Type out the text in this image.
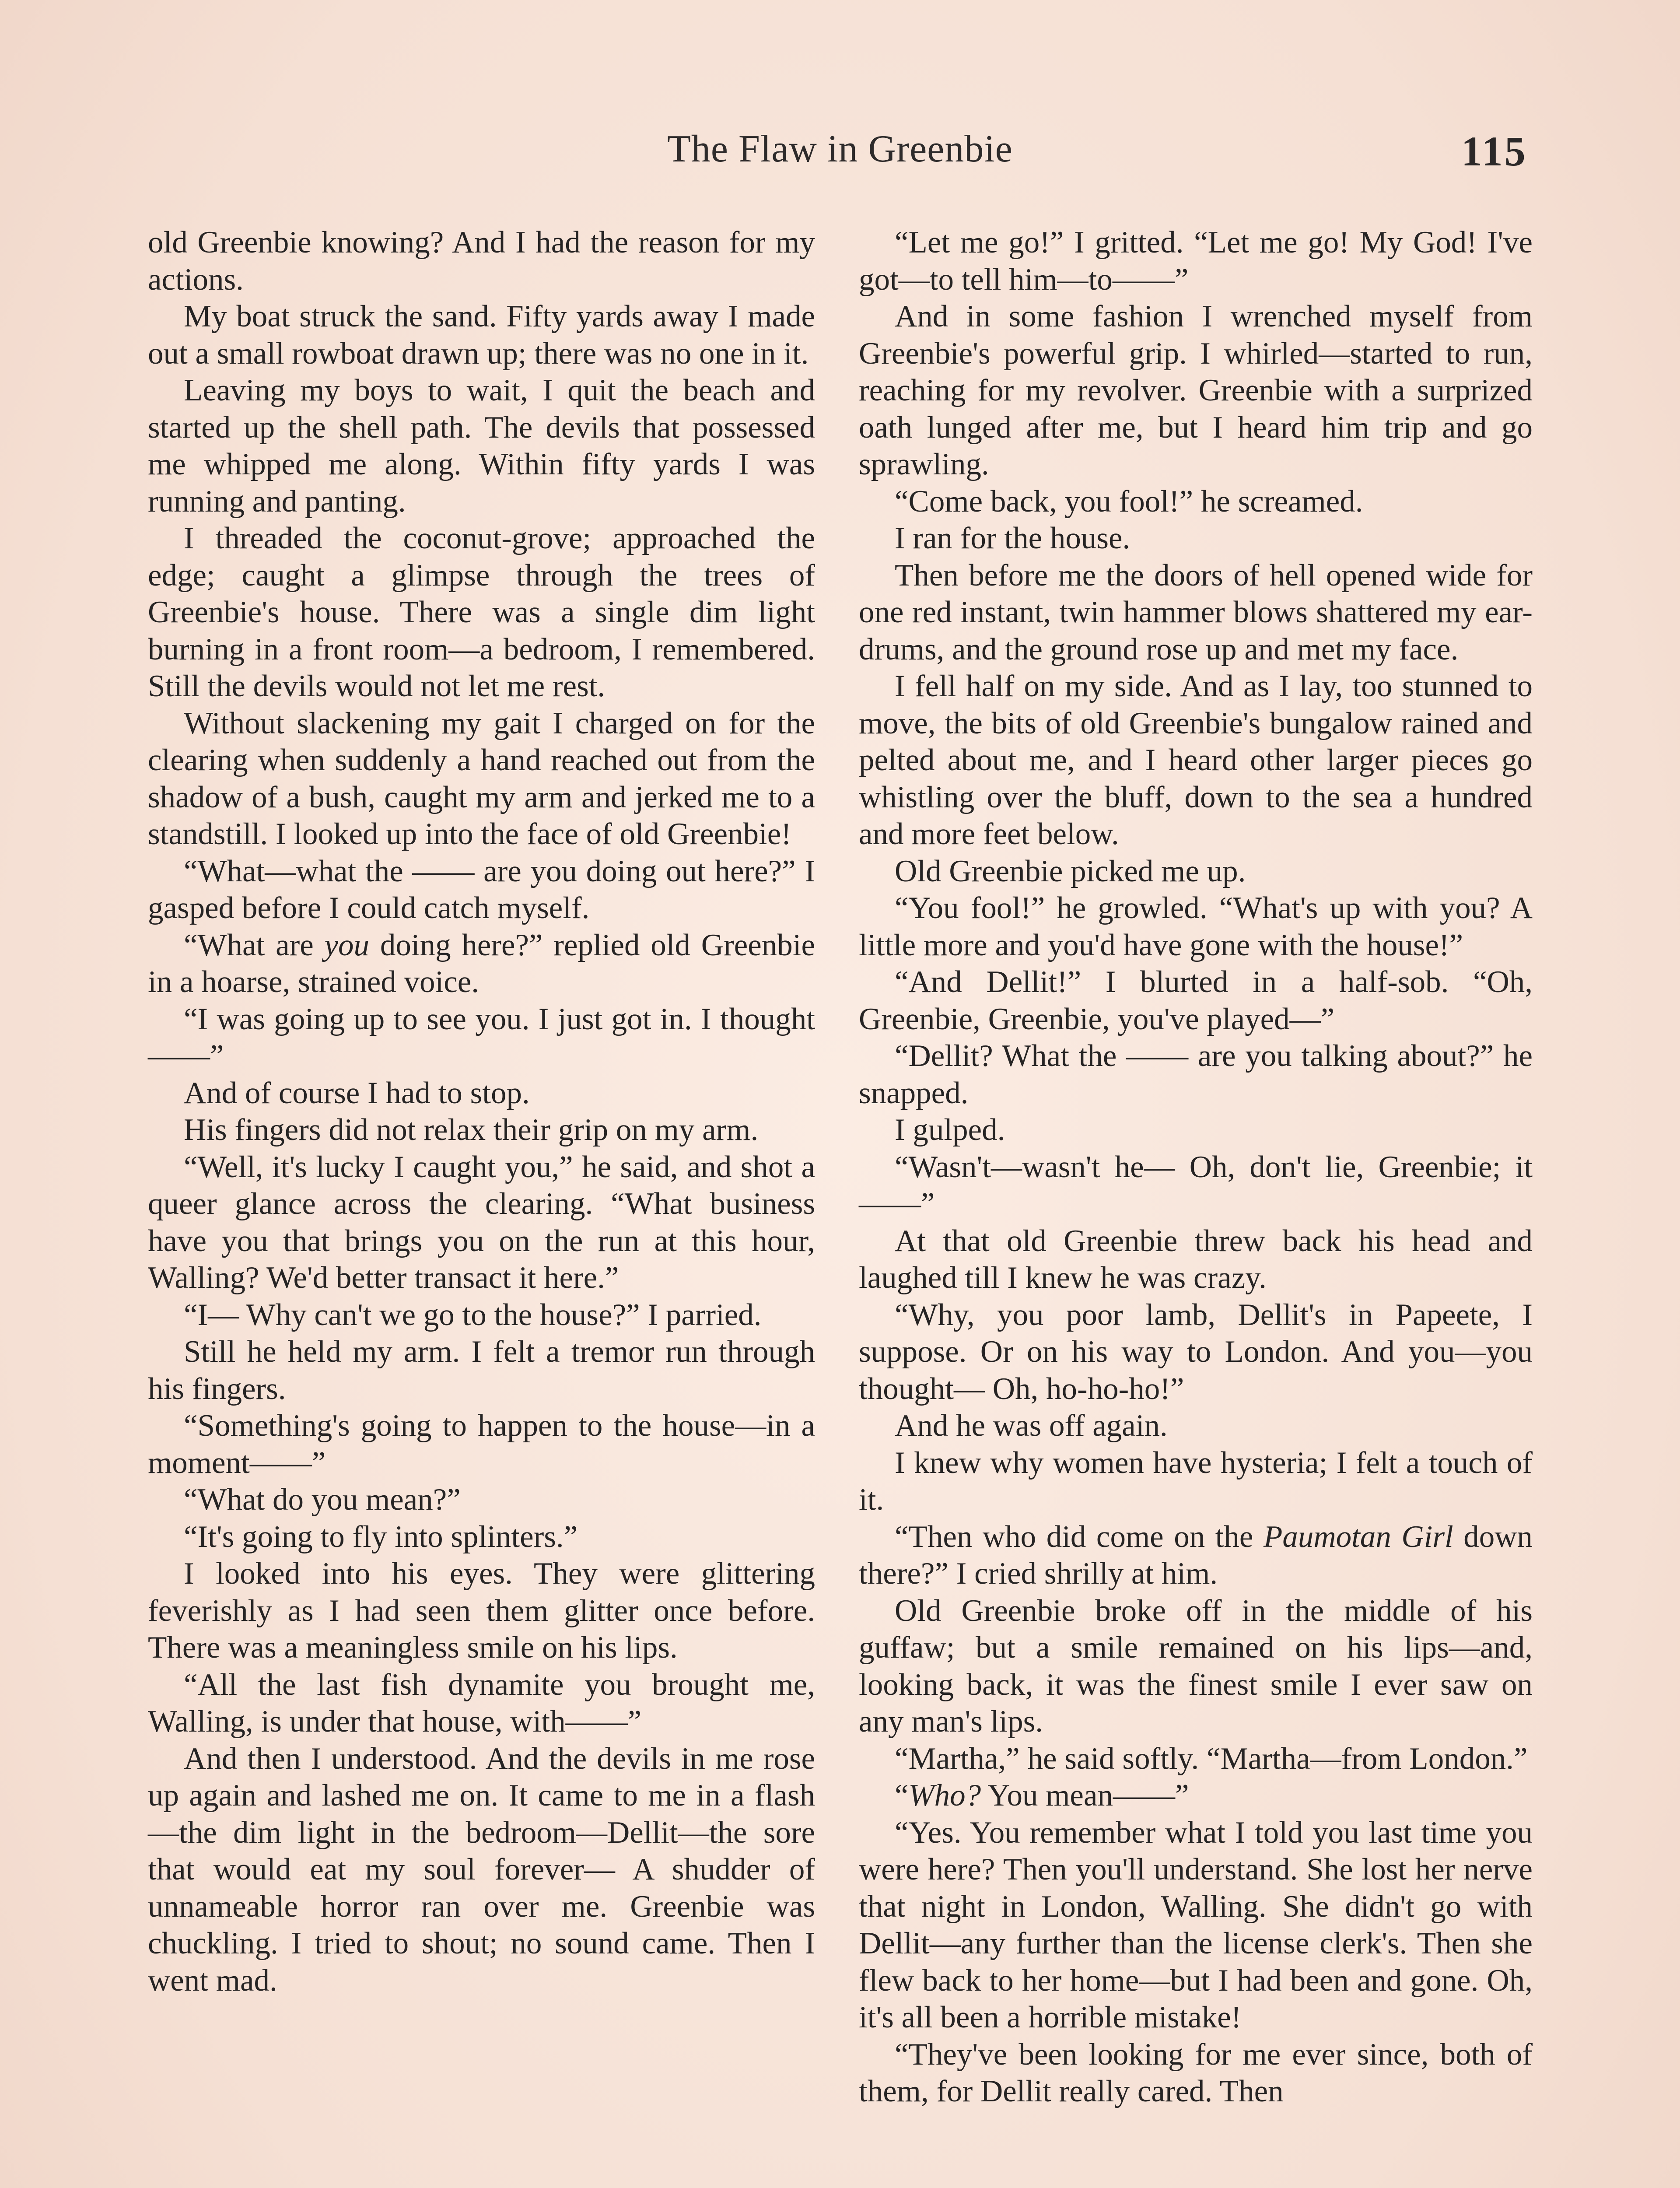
The Flaw in Greenbie	115

old Greenbie knowing? And I had the reason for my actions.

My boat struck the sand. Fifty yards away I made out a small rowboat drawn up; there was no one in it.

Leaving my boys to wait, I quit the beach and started up the shell path. The devils that possessed me whipped me along. Within fifty yards I was running and panting.

I threaded the coconut-grove; approached the edge; caught a glimpse through the trees of Greenbie's house. There was a single dim light burning in a front room—a bedroom, I remembered. Still the devils would not let me rest.

Without slackening my gait I charged on for the clearing when suddenly a hand reached out from the shadow of a bush, caught my arm and jerked me to a standstill. I looked up into the face of old Greenbie!

“What—what the —— are you doing out here?” I gasped before I could catch myself.

“What are you doing here?” replied old Greenbie in a hoarse, strained voice.

“I was going up to see you. I just got in. I thought——”

And of course I had to stop.

His fingers did not relax their grip on my arm.

“Well, it's lucky I caught you,” he said, and shot a queer glance across the clearing. “What business have you that brings you on the run at this hour, Walling? We'd better transact it here.”

“I— Why can't we go to the house?” I parried.

Still he held my arm. I felt a tremor run through his fingers.

“Something's going to happen to the house—in a moment——”

“What do you mean?”

“It's going to fly into splinters.”

I looked into his eyes. They were glittering feverishly as I had seen them glitter once before. There was a meaningless smile on his lips.

“All the last fish dynamite you brought me, Walling, is under that house, with——”

And then I understood. And the devils in me rose up again and lashed me on. It came to me in a flash—the dim light in the bedroom—Dellit—the sore that would eat my soul forever— A shudder of unnameable horror ran over me. Greenbie was chuckling. I tried to shout; no sound came. Then I went mad.

“Let me go!” I gritted. “Let me go! My God! I've got—to tell him—to——”

And in some fashion I wrenched myself from Greenbie's powerful grip. I whirled—started to run, reaching for my revolver. Greenbie with a surprized oath lunged after me, but I heard him trip and go sprawling.

“Come back, you fool!” he screamed.

I ran for the house.

Then before me the doors of hell opened wide for one red instant, twin hammer blows shattered my ear-drums, and the ground rose up and met my face.

I fell half on my side. And as I lay, too stunned to move, the bits of old Greenbie's bungalow rained and pelted about me, and I heard other larger pieces go whistling over the bluff, down to the sea a hundred and more feet below.

Old Greenbie picked me up.

“You fool!” he growled. “What's up with you? A little more and you'd have gone with the house!”

“And Dellit!” I blurted in a half-sob. “Oh, Greenbie, Greenbie, you've played—”

“Dellit? What the —— are you talking about?” he snapped.

I gulped.

“Wasn't—wasn't he— Oh, don't lie, Greenbie; it——”

At that old Greenbie threw back his head and laughed till I knew he was crazy.

“Why, you poor lamb, Dellit's in Papeete, I suppose. Or on his way to London. And you—you thought— Oh, ho-ho-ho!”

And he was off again.

I knew why women have hysteria; I felt a touch of it.

“Then who did come on the Paumotan Girl down there?” I cried shrilly at him.

Old Greenbie broke off in the middle of his guffaw; but a smile remained on his lips—and, looking back, it was the finest smile I ever saw on any man's lips.

“Martha,” he said softly. “Martha—from London.”

“Who? You mean——”

“Yes. You remember what I told you last time you were here? Then you'll understand. She lost her nerve that night in London, Walling. She didn't go with Dellit—any further than the license clerk's. Then she flew back to her home—but I had been and gone. Oh, it's all been a horrible mistake!

“They've been looking for me ever since, both of them, for Dellit really cared. Then
